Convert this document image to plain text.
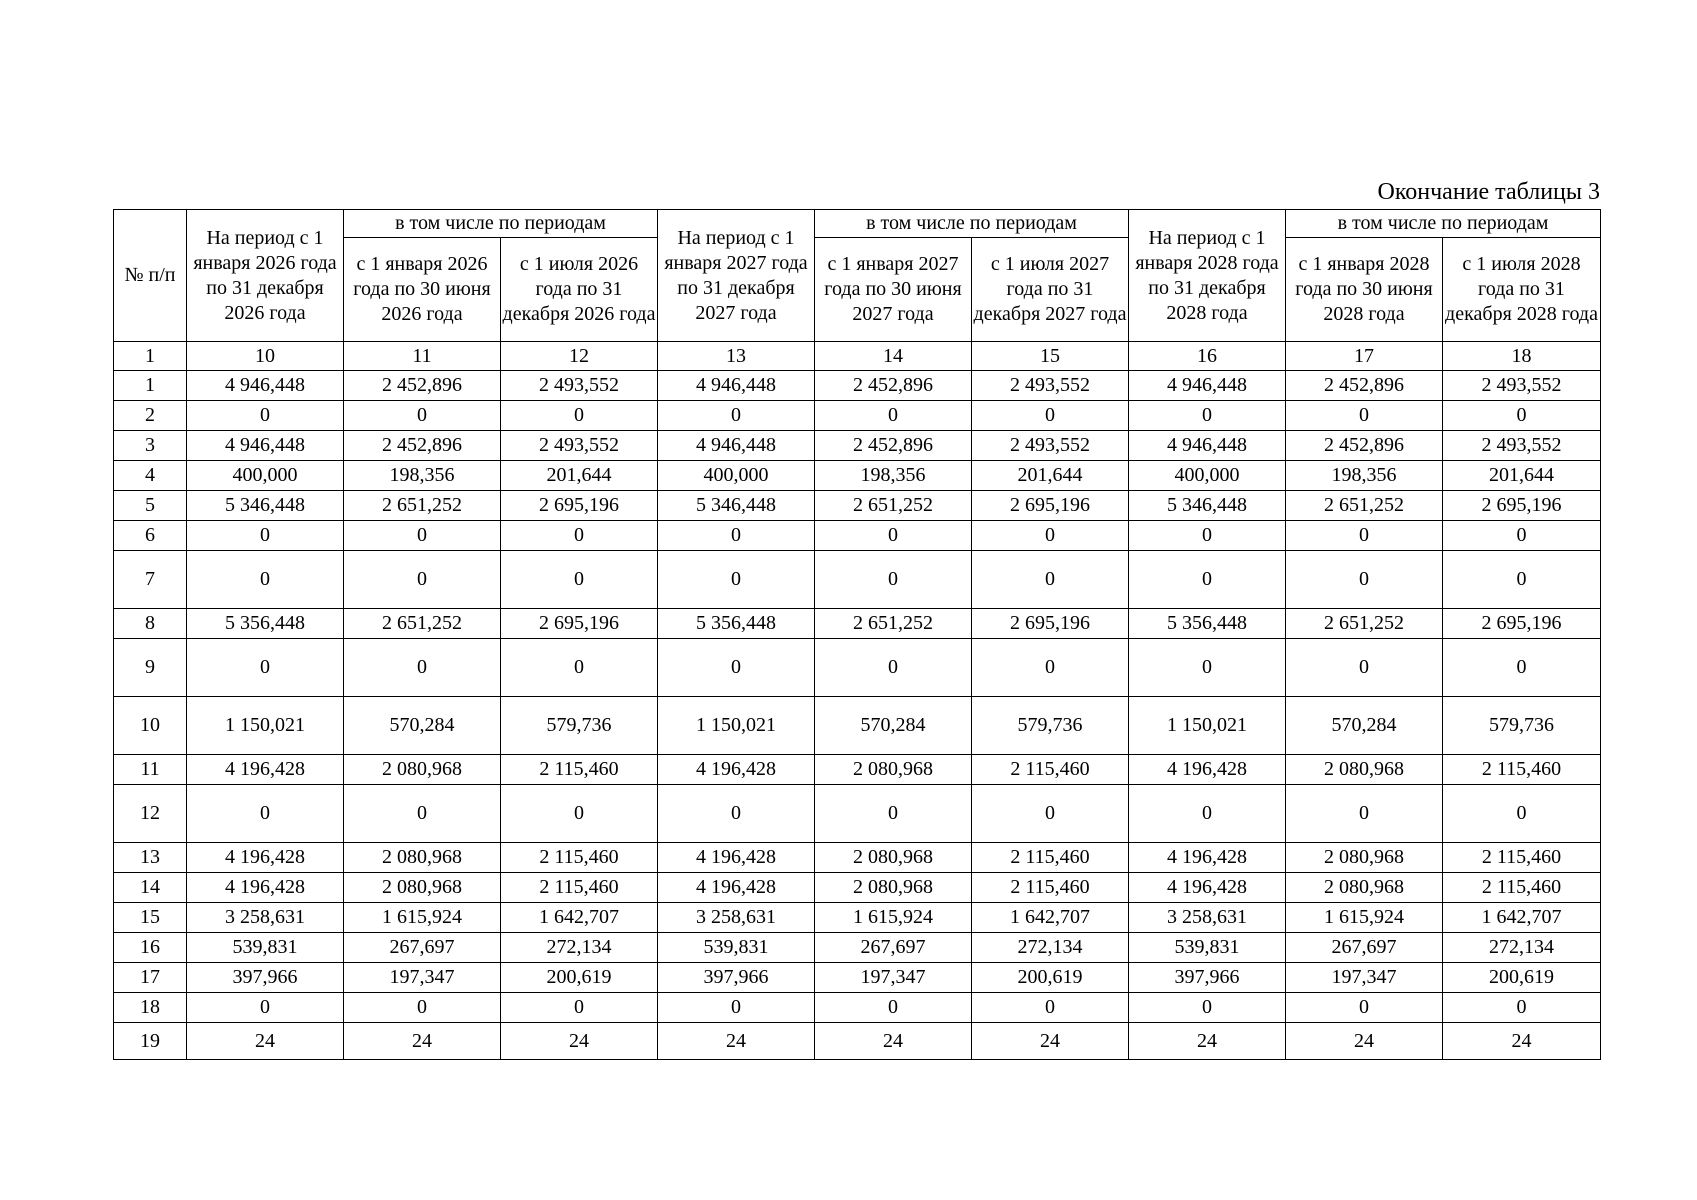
Окончание таблицы 3
№ п/п	На период с 1 января 2026 года по 31 декабря 2026 года	в том числе по периодам		На период с 1 января 2027 года по 31 декабря 2027 года	в том числе по периодам		На период с 1 января 2028 года по 31 декабря 2028 года	в том числе по периодам	
		с 1 января 2026 года по 30 июня 2026 года	с 1 июля 2026 года по 31 декабря 2026 года		с 1 января 2027 года по 30 июня 2027 года	с 1 июля 2027 года по 31 декабря 2027 года		с 1 января 2028 года по 30 июня 2028 года	с 1 июля 2028 года по 31 декабря 2028 года
1	10	11	12	13	14	15	16	17	18
1	4 946,448	2 452,896	2 493,552	4 946,448	2 452,896	2 493,552	4 946,448	2 452,896	2 493,552
2	0	0	0	0	0	0	0	0	0
3	4 946,448	2 452,896	2 493,552	4 946,448	2 452,896	2 493,552	4 946,448	2 452,896	2 493,552
4	400,000	198,356	201,644	400,000	198,356	201,644	400,000	198,356	201,644
5	5 346,448	2 651,252	2 695,196	5 346,448	2 651,252	2 695,196	5 346,448	2 651,252	2 695,196
6	0	0	0	0	0	0	0	0	0
7	0	0	0	0	0	0	0	0	0
8	5 356,448	2 651,252	2 695,196	5 356,448	2 651,252	2 695,196	5 356,448	2 651,252	2 695,196
9	0	0	0	0	0	0	0	0	0
10	1 150,021	570,284	579,736	1 150,021	570,284	579,736	1 150,021	570,284	579,736
11	4 196,428	2 080,968	2 115,460	4 196,428	2 080,968	2 115,460	4 196,428	2 080,968	2 115,460
12	0	0	0	0	0	0	0	0	0
13	4 196,428	2 080,968	2 115,460	4 196,428	2 080,968	2 115,460	4 196,428	2 080,968	2 115,460
14	4 196,428	2 080,968	2 115,460	4 196,428	2 080,968	2 115,460	4 196,428	2 080,968	2 115,460
15	3 258,631	1 615,924	1 642,707	3 258,631	1 615,924	1 642,707	3 258,631	1 615,924	1 642,707
16	539,831	267,697	272,134	539,831	267,697	272,134	539,831	267,697	272,134
17	397,966	197,347	200,619	397,966	197,347	200,619	397,966	197,347	200,619
18	0	0	0	0	0	0	0	0	0
19	24	24	24	24	24	24	24	24	24
